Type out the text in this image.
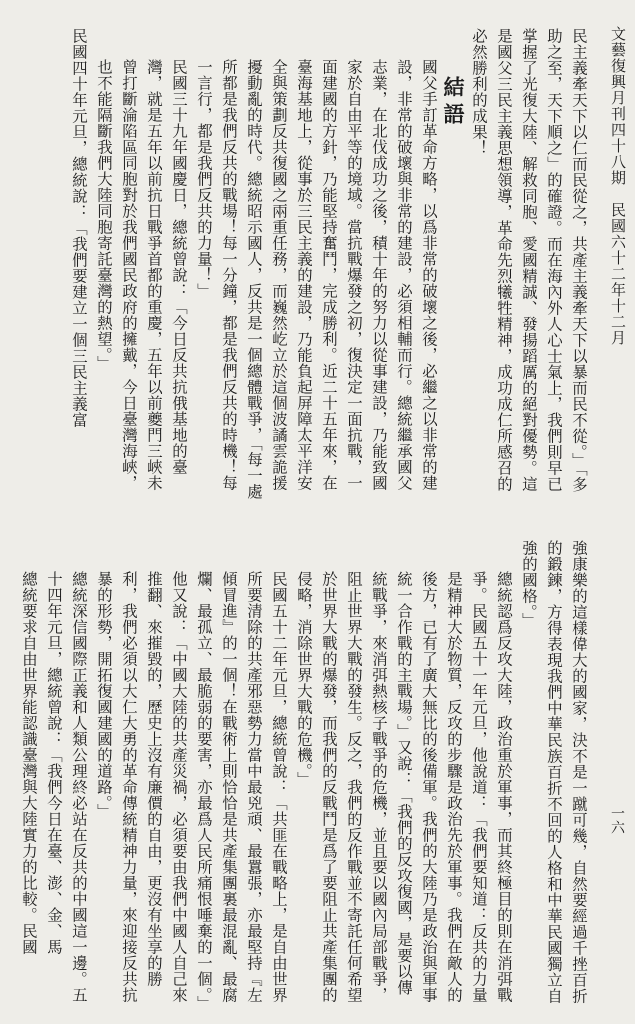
文藝復興月刊四十八期民國六十二年十二月

民主義牽天下以仁而民從之，共產主義牽天下以暴而民不從。」「多助之至，天下順之」的確證。而在海內外人心士氣上，我們則早已掌握了光復大陸、解救同胞、愛國精誠、發揚蹈厲的絕對優勢。這是國父三民主義思想領導，革命先烈犧牲精神，成功成仁所感召的必然勝利的成果！

結語

國父手訂革命方略，以爲非常的破壞之後，必繼之以非常的建設，非常的破壞與非常的建設，必須相輔而行。總統繼承國父志業，在北伐成功之後，積十年的努力以從事建設，乃能致國家於自由平等的境域。當抗戰爆發之初，復決定一面抗戰，一面建國的方針，乃能堅持奮鬥，完成勝利。近二十五年來，在臺海基地上，從事於三民主義的建設，乃能負起屏障太平洋安全與策劃反共復國之兩重任務，而巍然屹立於這個波譎雲詭援擾動亂的時代。總統昭示國人，反共是一個總體戰爭，「每一處所都是我們反共的戰場！每一分鐘，都是我們反共的時機！每一言行，都是我們反共的力量！」

民國三十九年國慶日，總統曾說：「今日反共抗俄基地的臺灣，就是五年以前抗日戰爭首都的重慶，五年以前夔門三峽未曾打斷淪陷區同胞對於我們國民政府的擁戴，今日臺灣海峽，也不能隔斷我們大陸同胞寄託臺灣的熱望。」

民國四十年元旦，總統說：「我們要建立一個三民主義富

強康樂的這樣偉大的國家，決不是一蹴可幾，自然要經過千挫百折的鍛鍊，方得表現我們中華民族百折不回的人格和中華民國獨立自強的國格。」

總統認爲反攻大陸，政治重於軍事，而其終極目的則在消弭戰爭。民國五十一年元旦，他說道：「我們要知道：反共的力量是精神大於物質，反攻的步驟是政治先於軍事。我們在敵人的後方，已有了廣大無比的後備軍。我們的大陸乃是政治與軍事統一合作戰的主戰場。」又說：「我們的反攻復國，是要以傳統戰爭，來消弭熱核子戰爭的危機，並且要以國內局部戰爭，阻止世界大戰的發生。反之，我們的反作戰並不寄託任何希望於世界大戰的爆發，而我們的反戰鬥是爲了要阻止共產集團的侵略，消除世界大戰的危機。」

民國五十二年元旦，總統曾說：「共匪在戰略上，是自由世界所要清除的共產邪惡勢力當中最兇頑、最囂張，亦最堅持『左傾冒進』的一個！在戰術上則恰恰是共產集團裏最混亂、最腐爛、最孤立、最脆弱的要害，亦最爲人民所痛恨唾棄的一個。」他又說：「中國大陸的共產災禍，必須要由我們中國人自己來推翻、來摧毀的，歷史上沒有廉價的自由，更沒有坐享的勝利，我們必須以大仁大勇的革命傳統精神力量，來迎接反共抗暴的形勢，開拓復國建國的道路。」

總統深信國際正義和人類公理終必站在反共的中國這一邊。五十四年元旦，總統曾說：「我們今日在臺、澎、金、馬

總統要求自由世界能認識臺灣與大陸實力的比較。民國	一六
